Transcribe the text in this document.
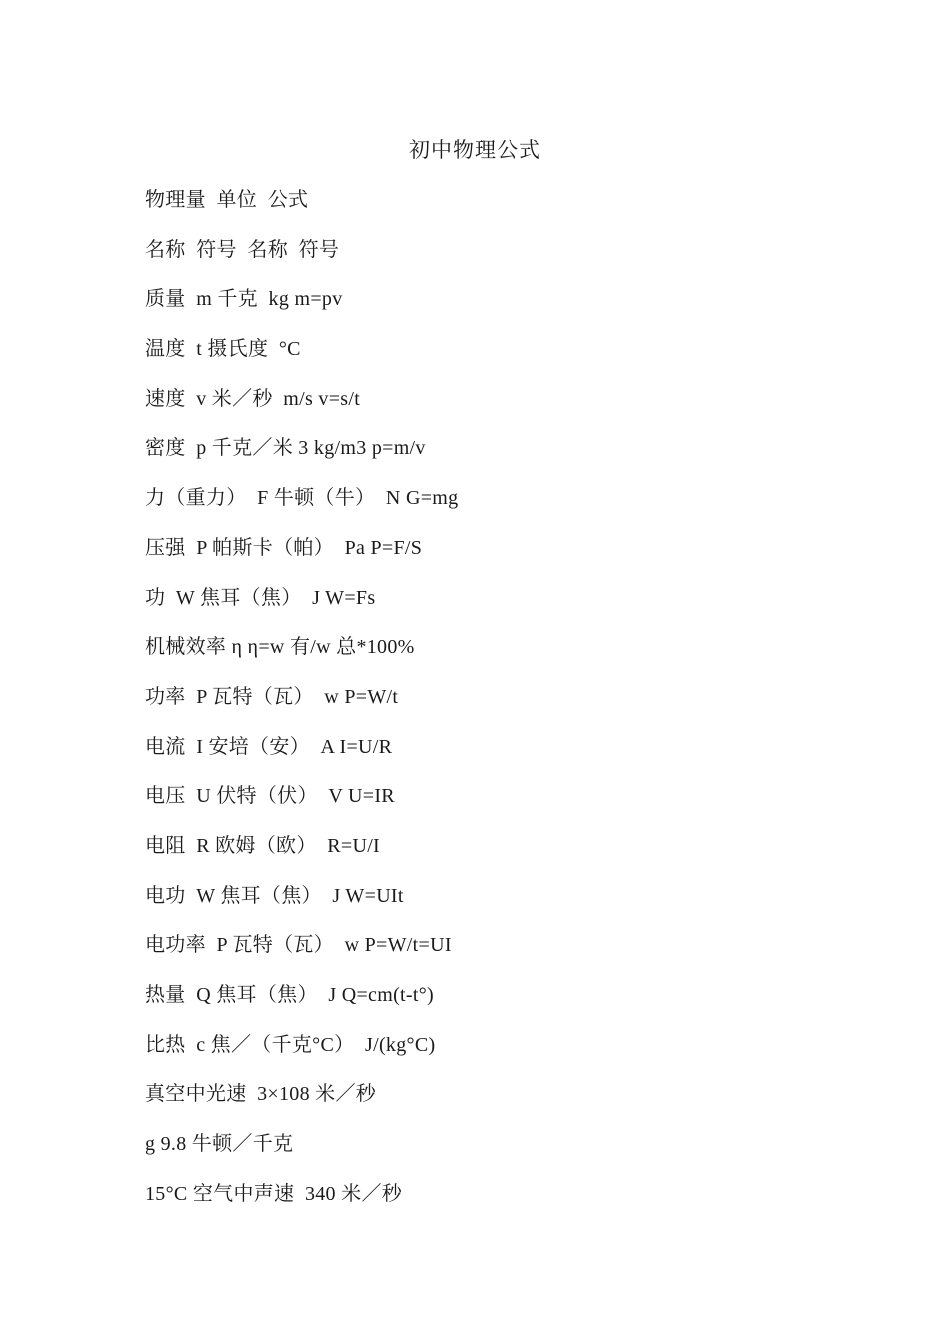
初中物理公式
物理量  单位  公式
名称  符号  名称  符号
质量  m 千克  kg m=pv
温度  t 摄氏度  °C
速度  v 米／秒  m/s v=s/t
密度  p 千克／米 3 kg/m3 p=m/v
力（重力）  F 牛顿（牛）  N G=mg
压强  P 帕斯卡（帕）  Pa P=F/S
功  W 焦耳（焦）  J W=Fs
机械效率 η η=w 有/w 总*100%
功率  P 瓦特（瓦）  w P=W/t
电流  I 安培（安）  A I=U/R
电压  U 伏特（伏）  V U=IR
电阻  R 欧姆（欧）  R=U/I
电功  W 焦耳（焦）  J W=UIt
电功率  P 瓦特（瓦）  w P=W/t=UI
热量  Q 焦耳（焦）  J Q=cm(t-t°)
比热  c 焦／（千克°C）  J/(kg°C)
真空中光速  3×108 米／秒
g 9.8 牛顿／千克
15°C 空气中声速  340 米／秒
